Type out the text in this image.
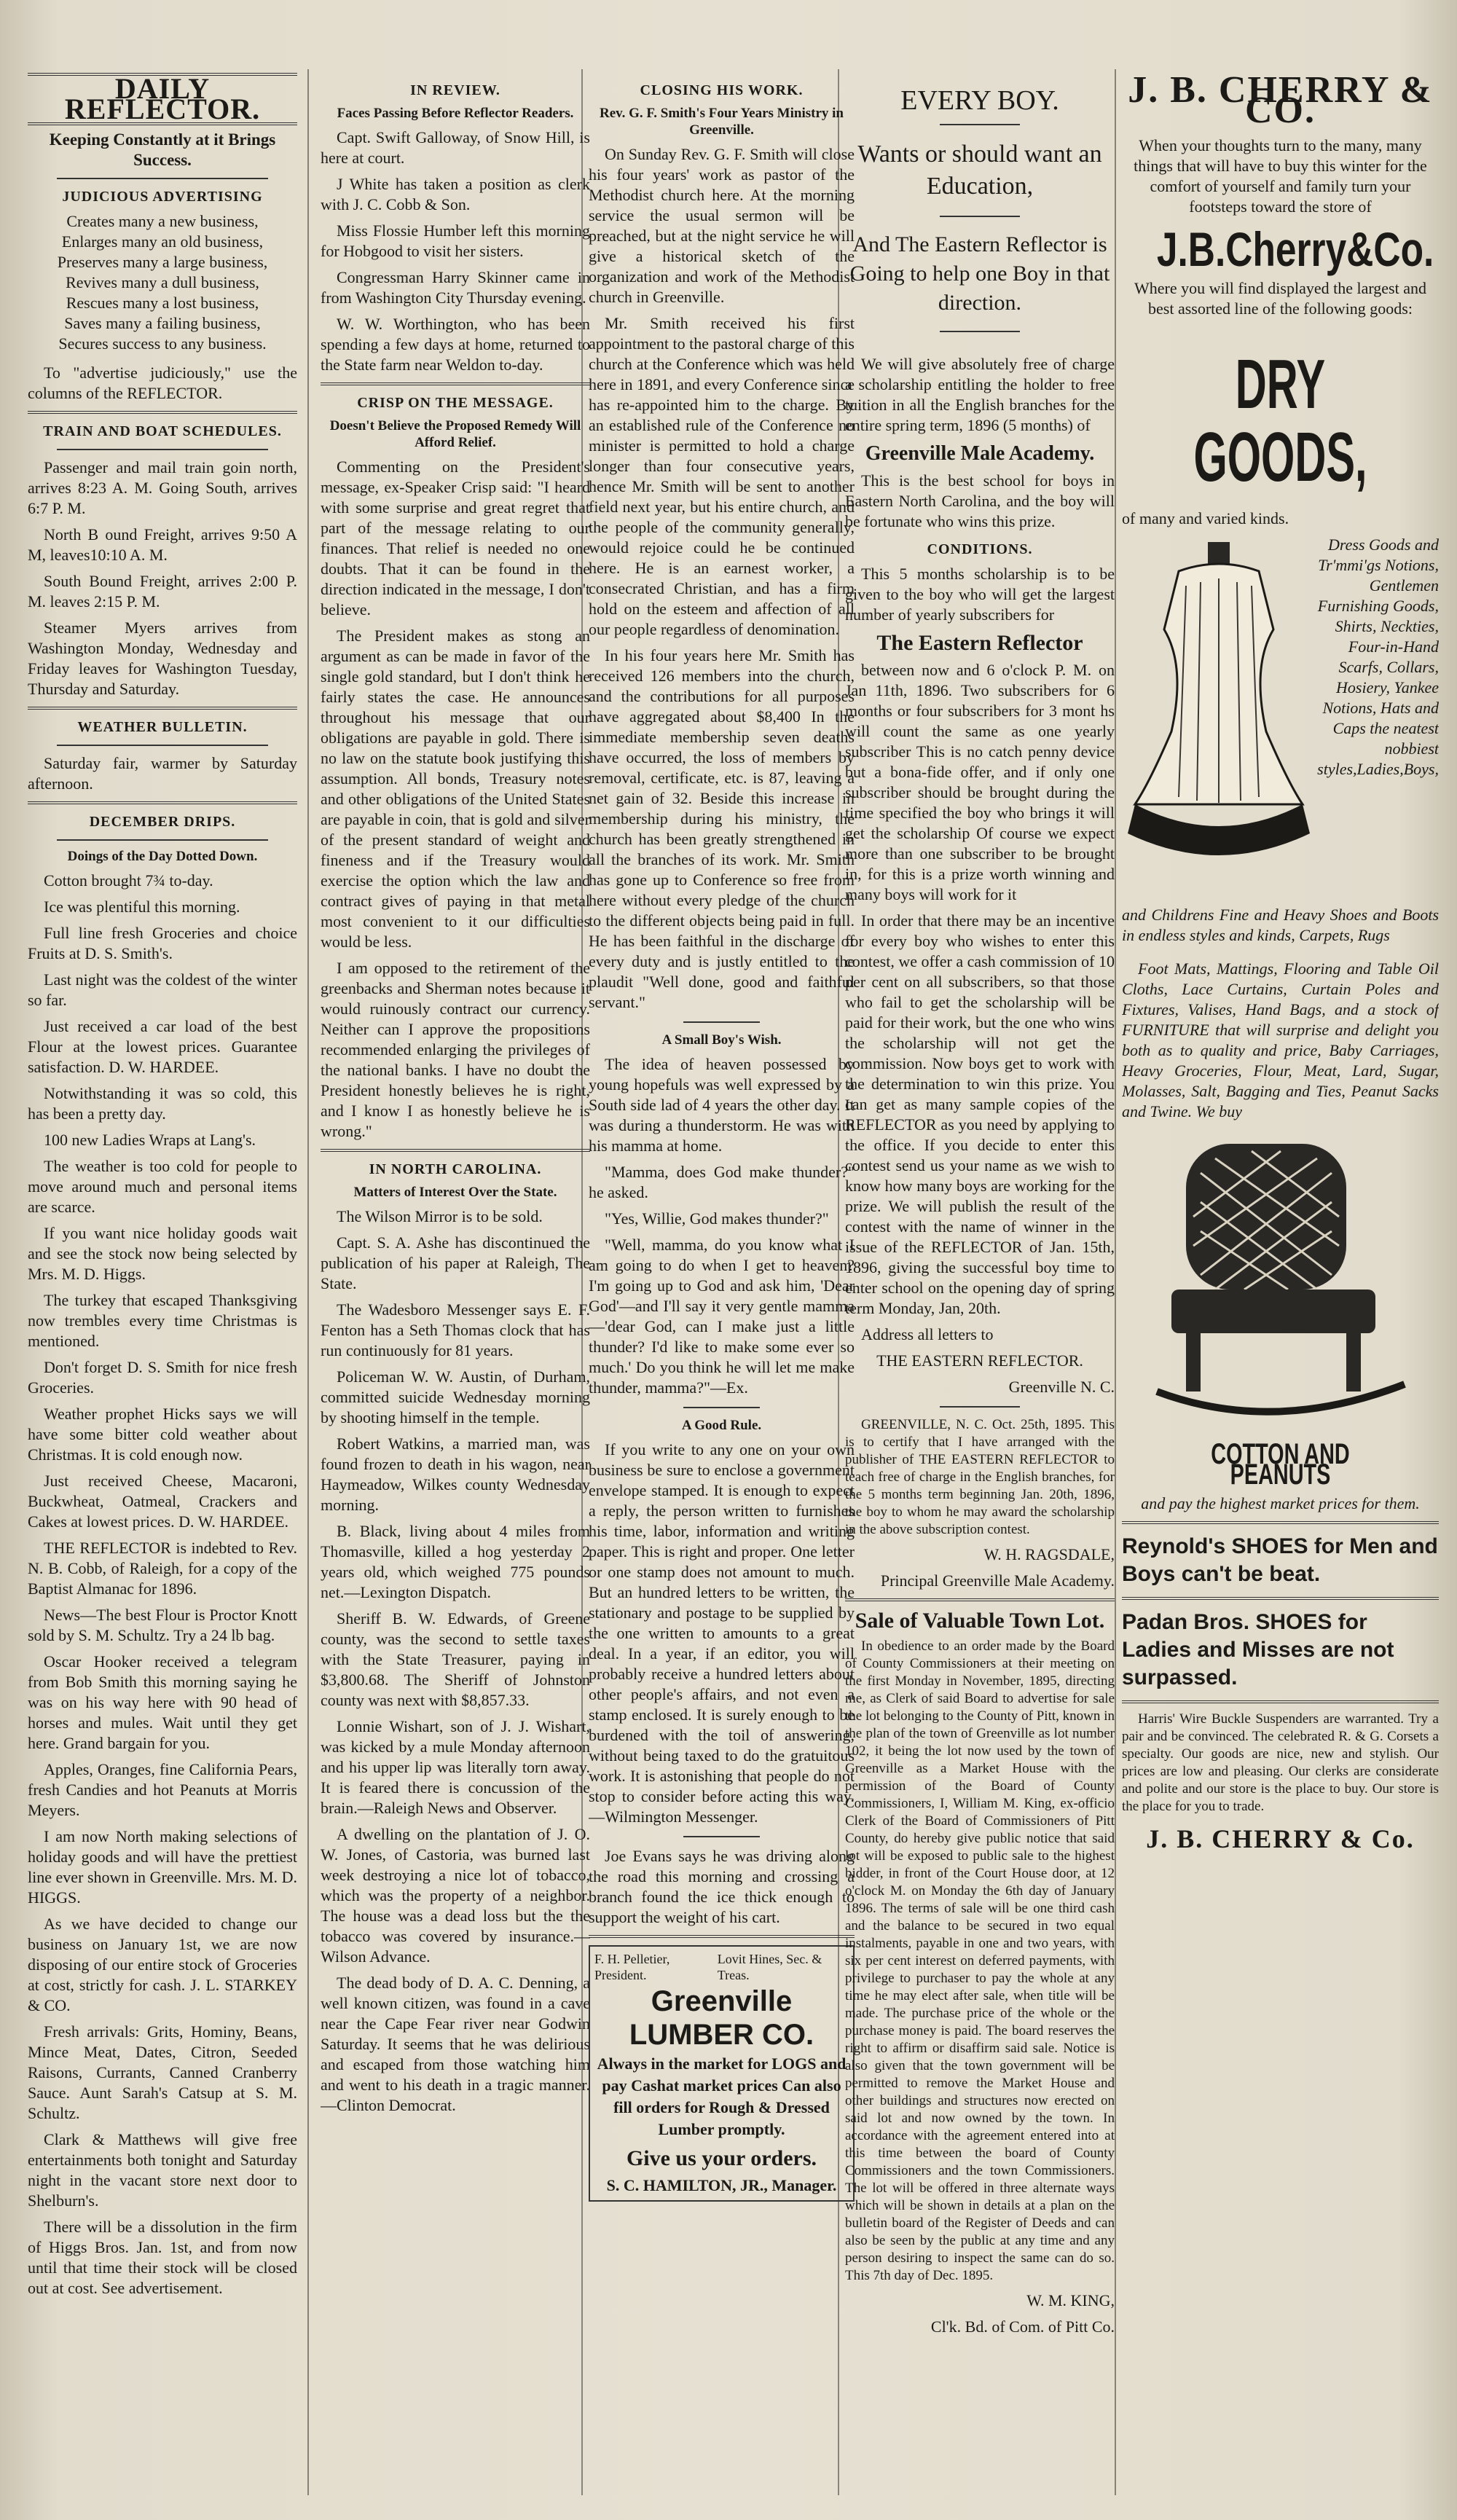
DAILY REFLECTOR.
Keeping Constantly at it Brings Success.
JUDICIOUS ADVERTISING
Creates many a new business,
Enlarges many an old business,
Preserves many a large business,
Revives many a dull business,
Rescues many a lost business,
Saves many a failing business,
Secures success to any business.

To "advertise judiciously," use the columns of the REFLECTOR.

TRAIN AND BOAT SCHEDULES.

Passenger and mail train goin north, arrives 8:23 A. M. Going South, arrives 6:7 P. M.

North B ound Freight, arrives 9:50 A M, leaves10:10 A. M.

South Bound Freight, arrives 2:00 P. M. leaves 2:15 P. M.

Steamer Myers arrives from Washington Monday, Wednesday and Friday leaves for Washington Tuesday, Thursday and Saturday.

WEATHER BULLETIN.

Saturday fair, warmer by Saturday afternoon.

DECEMBER DRIPS.
Doings of the Day Dotted Down.

Cotton brought 7¾ to-day.

Ice was plentiful this morning.

Full line fresh Groceries and choice Fruits at D. S. Smith's.

Last night was the coldest of the winter so far.

Just received a car load of the best Flour at the lowest prices. Guarantee satisfaction. D. W. HARDEE.

Notwithstanding it was so cold, this has been a pretty day.

100 new Ladies Wraps at Lang's.

The weather is too cold for people to move around much and personal items are scarce.

If you want nice holiday goods wait and see the stock now being selected by Mrs. M. D. Higgs.

The turkey that escaped Thanksgiving now trembles every time Christmas is mentioned.

Don't forget D. S. Smith for nice fresh Groceries.

Weather prophet Hicks says we will have some bitter cold weather about Christmas. It is cold enough now.

Just received Cheese, Macaroni, Buckwheat, Oatmeal, Crackers and Cakes at lowest prices. D. W. HARDEE.

THE REFLECTOR is indebted to Rev. N. B. Cobb, of Raleigh, for a copy of the Baptist Almanac for 1896.

News—The best Flour is Proctor Knott sold by S. M. Schultz. Try a 24 lb bag.

Oscar Hooker received a telegram from Bob Smith this morning saying he was on his way here with 90 head of horses and mules. Wait until they get here. Grand bargain for you.

Apples, Oranges, fine California Pears, fresh Candies and hot Peanuts at Morris Meyers.

I am now North making selections of holiday goods and will have the prettiest line ever shown in Greenville. Mrs. M. D. HIGGS.

As we have decided to change our business on January 1st, we are now disposing of our entire stock of Groceries at cost, strictly for cash. J. L. STARKEY & CO.

Fresh arrivals: Grits, Hominy, Beans, Mince Meat, Dates, Citron, Seeded Raisons, Currants, Canned Cranberry Sauce. Aunt Sarah's Catsup at S. M. Schultz.

Clark & Matthews will give free entertainments both tonight and Saturday night in the vacant store next door to Shelburn's.

There will be a dissolution in the firm of Higgs Bros. Jan. 1st, and from now until that time their stock will be closed out at cost. See advertisement.

IN REVIEW.
Faces Passing Before Reflector Readers.

Capt. Swift Galloway, of Snow Hill, is here at court.

J White has taken a position as clerk with J. C. Cobb & Son.

Miss Flossie Humber left this morning for Hobgood to visit her sisters.

Congressman Harry Skinner came in from Washington City Thursday evening.

W. W. Worthington, who has been spending a few days at home, returned to the State farm near Weldon to-day.

CRISP ON THE MESSAGE.
Doesn't Believe the Proposed Remedy Will Afford Relief.

Commenting on the President's message, ex-Speaker Crisp said: "I heard with some surprise and great regret that part of the message relating to our finances. That relief is needed no one doubts. That it can be found in the direction indicated in the message, I don't believe.

The President makes as stong an argument as can be made in favor of the single gold standard, but I don't think he fairly states the case. He announces throughout his message that our obligations are payable in gold. There is no law on the statute book justifying this assumption. All bonds, Treasury notes and other obligations of the United States are payable in coin, that is gold and silver of the present standard of weight and fineness and if the Treasury would exercise the option which the law and contract gives of paying in that metal most convenient to it our difficulties would be less.

I am opposed to the retirement of the greenbacks and Sherman notes because it would ruinously contract our currency. Neither can I approve the propositions recommended enlarging the privileges of the national banks. I have no doubt the President honestly believes he is right, and I know I as honestly believe he is wrong."

IN NORTH CAROLINA.
Matters of Interest Over the State.

The Wilson Mirror is to be sold.

Capt. S. A. Ashe has discontinued the publication of his paper at Raleigh, The State.

The Wadesboro Messenger says E. F. Fenton has a Seth Thomas clock that has run continuously for 81 years.

Policeman W. W. Austin, of Durham, committed suicide Wednesday morning by shooting himself in the temple.

Robert Watkins, a married man, was found frozen to death in his wagon, near Haymeadow, Wilkes county Wednesday morning.

B. Black, living about 4 miles from Thomasville, killed a hog yesterday 2 years old, which weighed 775 pounds net.—Lexington Dispatch.

Sheriff B. W. Edwards, of Greene county, was the second to settle taxes with the State Treasurer, paying in $3,800.68. The Sheriff of Johnston county was next with $8,857.33.

Lonnie Wishart, son of J. J. Wishart, was kicked by a mule Monday afternoon and his upper lip was literally torn away. It is feared there is concussion of the brain.—Raleigh News and Observer.

A dwelling on the plantation of J. O. W. Jones, of Castoria, was burned last week destroying a nice lot of tobacco, which was the property of a neighbor. The house was a dead loss but the the tobacco was covered by insurance.—Wilson Advance.

The dead body of D. A. C. Denning, a well known citizen, was found in a cave near the Cape Fear river near Godwin Saturday. It seems that he was delirious and escaped from those watching him and went to his death in a tragic manner.—Clinton Democrat.

CLOSING HIS WORK.
Rev. G. F. Smith's Four Years Ministry in Greenville.

On Sunday Rev. G. F. Smith will close his four years' work as pastor of the Methodist church here. At the morning service the usual sermon will be preached, but at the night service he will give a historical sketch of the organization and work of the Methodist church in Greenville.

Mr. Smith received his first appointment to the pastoral charge of this church at the Conference which was held here in 1891, and every Conference since has re-appointed him to the charge. By an established rule of the Conference no minister is permitted to hold a charge longer than four consecutive years, hence Mr. Smith will be sent to another field next year, but his entire church, and the people of the community generally, would rejoice could he be continued here. He is an earnest worker, a consecrated Christian, and has a firm hold on the esteem and affection of all our people regardless of denomination.

In his four years here Mr. Smith has received 126 members into the church, and the contributions for all purposes have aggregated about $8,400 In the immediate membership seven deaths have occurred, the loss of members by removal, certificate, etc. is 87, leaving a net gain of 32. Beside this increase in membership during his ministry, the church has been greatly strengthened in all the branches of its work. Mr. Smith has gone up to Conference so free from here without every pledge of the church to the different objects being paid in full. He has been faithful in the discharge of every duty and is justly entitled to the plaudit "Well done, good and faithful servant."

A Small Boy's Wish.

The idea of heaven possessed by young hopefuls was well expressed by a South side lad of 4 years the other day. It was during a thunderstorm. He was with his mamma at home.

"Mamma, does God make thunder?" he asked.

"Yes, Willie, God makes thunder?"

"Well, mamma, do you know what I am going to do when I get to heaven? I'm going up to God and ask him, 'Dear God'—and I'll say it very gentle mamma—'dear God, can I make just a little thunder? I'd like to make some ever so much.' Do you think he will let me make thunder, mamma?"—Ex.

A Good Rule.

If you write to any one on your own business be sure to enclose a government envelope stamped. It is enough to expect a reply, the person written to furnishes his time, labor, information and writing paper. This is right and proper. One letter or one stamp does not amount to much. But an hundred letters to be written, the stationary and postage to be supplied by the one written to amounts to a great deal. In a year, if an editor, you will probably receive a hundred letters about other people's affairs, and not even a stamp enclosed. It is surely enough to be burdened with the toil of answering, without being taxed to do the gratuitous work. It is astonishing that people do not stop to consider before acting this way.—Wilmington Messenger.

Joe Evans says he was driving along the road this morning and crossing a branch found the ice thick enough to support the weight of his cart.

F. H. Pelletier, President.
Lovit Hines, Sec. & Treas.
Greenville
LUMBER CO.

Always in the market for LOGS and pay Cashat market prices Can also fill orders for Rough & Dressed Lumber promptly.

Give us your orders.
S. C. HAMILTON, JR., Manager.
EVERY BOY.
Wants or should want an Education,
And The Eastern Reflector is Going to help one Boy in that direction.

We will give absolutely free of charge a scholarship entitling the holder to free tuition in all the English branches for the entire spring term, 1896 (5 months) of

Greenville Male Academy.

This is the best school for boys in Eastern North Carolina, and the boy will be fortunate who wins this prize.

CONDITIONS.

This 5 months scholarship is to be given to the boy who will get the largest number of yearly subscribers for

The Eastern Reflector

between now and 6 o'clock P. M. on Jan 11th, 1896. Two subscribers for 6 months or four subscribers for 3 mont hs will count the same as one yearly subscriber This is no catch penny device but a bona-fide offer, and if only one subscriber should be brought during the time specified the boy who brings it will get the scholarship Of course we expect more than one subscriber to be brought in, for this is a prize worth winning and many boys will work for it

In order that there may be an incentive for every boy who wishes to enter this contest, we offer a cash commission of 10 per cent on all subscribers, so that those who fail to get the scholarship will be paid for their work, but the one who wins the scholarship will not get the commission. Now boys get to work with the determination to win this prize. You can get as many sample copies of the REFLECTOR as you need by applying to the office. If you decide to enter this contest send us your name as we wish to know how many boys are working for the prize. We will publish the result of the contest with the name of winner in the issue of the REFLECTOR of Jan. 15th, 1896, giving the successful boy time to enter school on the opening day of spring term Monday, Jan, 20th.

Address all letters to

THE EASTERN REFLECTOR.

Greenville N. C.

GREENVILLE, N. C. Oct. 25th, 1895. This is to certify that I have arranged with the publisher of THE EASTERN REFLECTOR to teach free of charge in the English branches, for the 5 months term beginning Jan. 20th, 1896, the boy to whom he may award the scholarship in the above subscription contest.

W. H. RAGSDALE,

Principal Greenville Male Academy.

Sale of Valuable Town Lot.

In obedience to an order made by the Board of County Commissioners at their meeting on the first Monday in November, 1895, directing me, as Clerk of said Board to advertise for sale the lot belonging to the County of Pitt, known in the plan of the town of Greenville as lot number 102, it being the lot now used by the town of Greenville as a Market House with the permission of the Board of County Commissioners, I, William M. King, ex-officio Clerk of the Board of Commissioners of Pitt County, do hereby give public notice that said lot will be exposed to public sale to the highest bidder, in front of the Court House door, at 12 o'clock M. on Monday the 6th day of January 1896. The terms of sale will be one third cash and the balance to be secured in two equal instalments, payable in one and two years, with six per cent interest on deferred payments, with privilege to purchaser to pay the whole at any time he may elect after sale, when title will be made. The purchase price of the whole or the purchase money is paid. The board reserves the right to affirm or disaffirm said sale. Notice is also given that the town government will be permitted to remove the Market House and other buildings and structures now erected on said lot and now owned by the town. In accordance with the agreement entered into at this time between the board of County Commissioners and the town Commissioners. The lot will be offered in three alternate ways which will be shown in details at a plan on the bulletin board of the Register of Deeds and can also be seen by the public at any time and any person desiring to inspect the same can do so. This 7th day of Dec. 1895.

W. M. KING,

Cl'k. Bd. of Com. of Pitt Co.

J. B. CHERRY & CO.

When your thoughts turn to the many, many things that will have to buy this winter for the comfort of yourself and family turn your footsteps toward the store of

J.B.Cherry&Co.

Where you will find displayed the largest and best assorted line of the following goods:

DRY GOODS,

of many and varied kinds.

Dress Goods and Tr'mmi'gs Notions, Gentlemen Furnishing Goods, Shirts, Neckties, Four-in-Hand Scarfs, Collars, Hosiery, Yankee Notions, Hats and Caps the neatest nobbiest styles,Ladies,Boys,

and Childrens Fine and Heavy Shoes and Boots in endless styles and kinds, Carpets, Rugs

Foot Mats, Mattings, Flooring and Table Oil Cloths, Lace Curtains, Curtain Poles and Fixtures, Valises, Hand Bags, and a stock of FURNITURE that will surprise and delight you both as to quality and price, Baby Carriages, Heavy Groceries, Flour, Meat, Lard, Sugar, Molasses, Salt, Bagging and Ties, Peanut Sacks and Twine. We buy

COTTON AND PEANUTS

and pay the highest market prices for them.

Reynold's SHOES for Men and Boys can't be beat.
Padan Bros. SHOES for Ladies and Misses are not surpassed.

Harris' Wire Buckle Suspenders are warranted. Try a pair and be convinced. The celebrated R. & G. Corsets a specialty. Our goods are nice, new and stylish. Our prices are low and pleasing. Our clerks are considerate and polite and our store is the place to buy. Our store is the place for you to trade.

J. B. CHERRY & Co.
